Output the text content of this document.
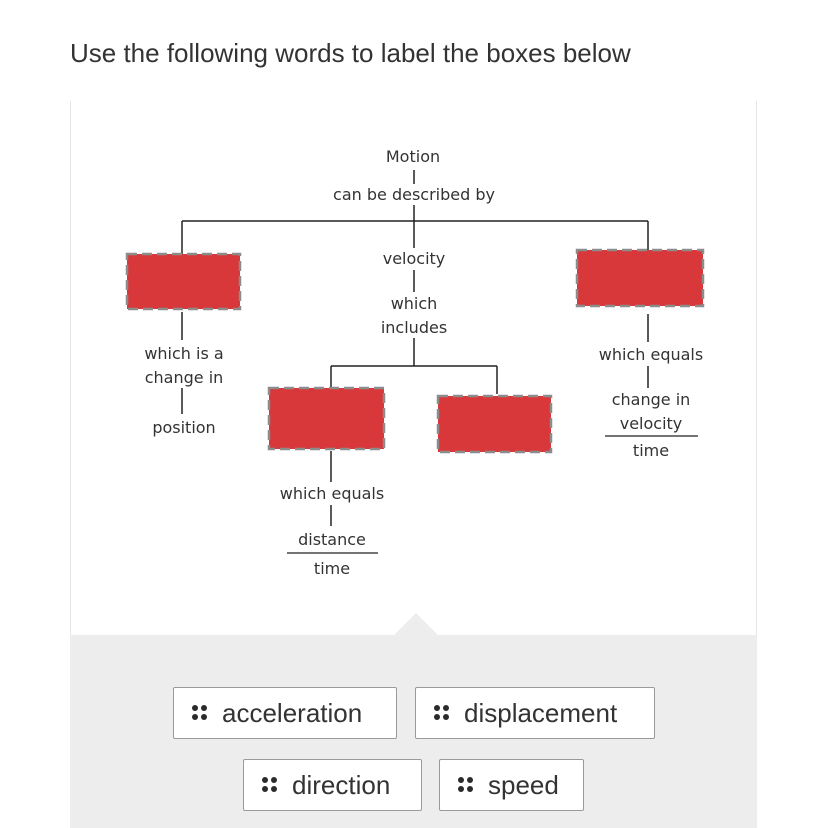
Use the following words to label the boxes below
Motion
can be described by
velocity
which
includes
which is a
change in
position
which equals
distance
time
which equals
change in
velocity
time
acceleration	displacement
direction	speed
